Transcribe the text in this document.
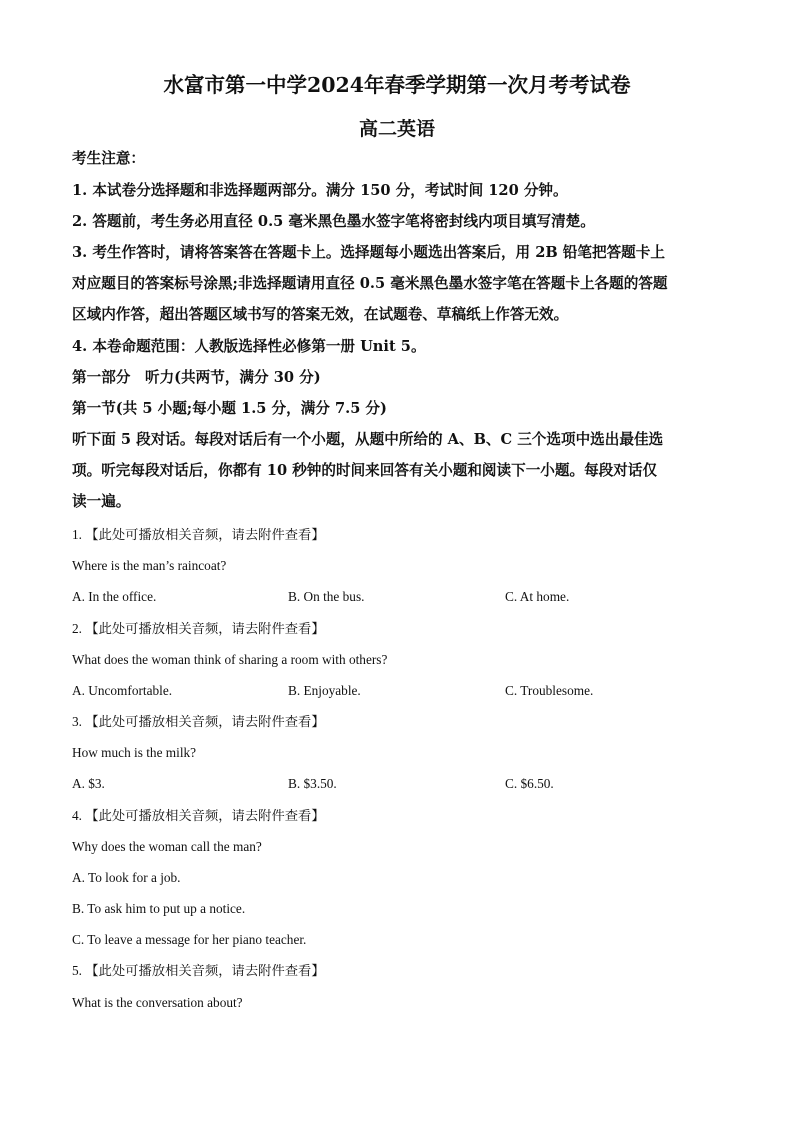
水富市第一中学2024年春季学期第一次月考考试卷
高二英语
考生注意：
1. 本试卷分选择题和非选择题两部分。满分 150 分，考试时间 120 分钟。
2. 答题前，考生务必用直径 0.5 毫米黑色墨水签字笔将密封线内项目填写清楚。
3. 考生作答时，请将答案答在答题卡上。选择题每小题选出答案后，用 2B 铅笔把答题卡上
对应题目的答案标号涂黑;非选择题请用直径 0.5 毫米黑色墨水签字笔在答题卡上各题的答题
区域内作答，超出答题区域书写的答案无效，在试题卷、草稿纸上作答无效。
4. 本卷命题范围：人教版选择性必修第一册 Unit 5。
第一部分　听力(共两节，满分 30 分)
第一节(共 5 小题;每小题 1.5 分，满分 7.5 分)
听下面 5 段对话。每段对话后有一个小题，从题中所给的 A、B、C 三个选项中选出最佳选
项。听完每段对话后，你都有 10 秒钟的时间来回答有关小题和阅读下一小题。每段对话仅
读一遍。
1. 【此处可播放相关音频，请去附件查看】
Where is the man’s raincoat?
A. In the office.	B. On the bus.	C. At home.
2. 【此处可播放相关音频，请去附件查看】
What does the woman think of sharing a room with others?
A. Uncomfortable.	B. Enjoyable.	C. Troublesome.
3. 【此处可播放相关音频，请去附件查看】
How much is the milk?
A. $3.	B. $3.50.	C. $6.50.
4. 【此处可播放相关音频，请去附件查看】
Why does the woman call the man?
A. To look for a job.
B. To ask him to put up a notice.
C. To leave a message for her piano teacher.
5. 【此处可播放相关音频，请去附件查看】
What is the conversation about?
